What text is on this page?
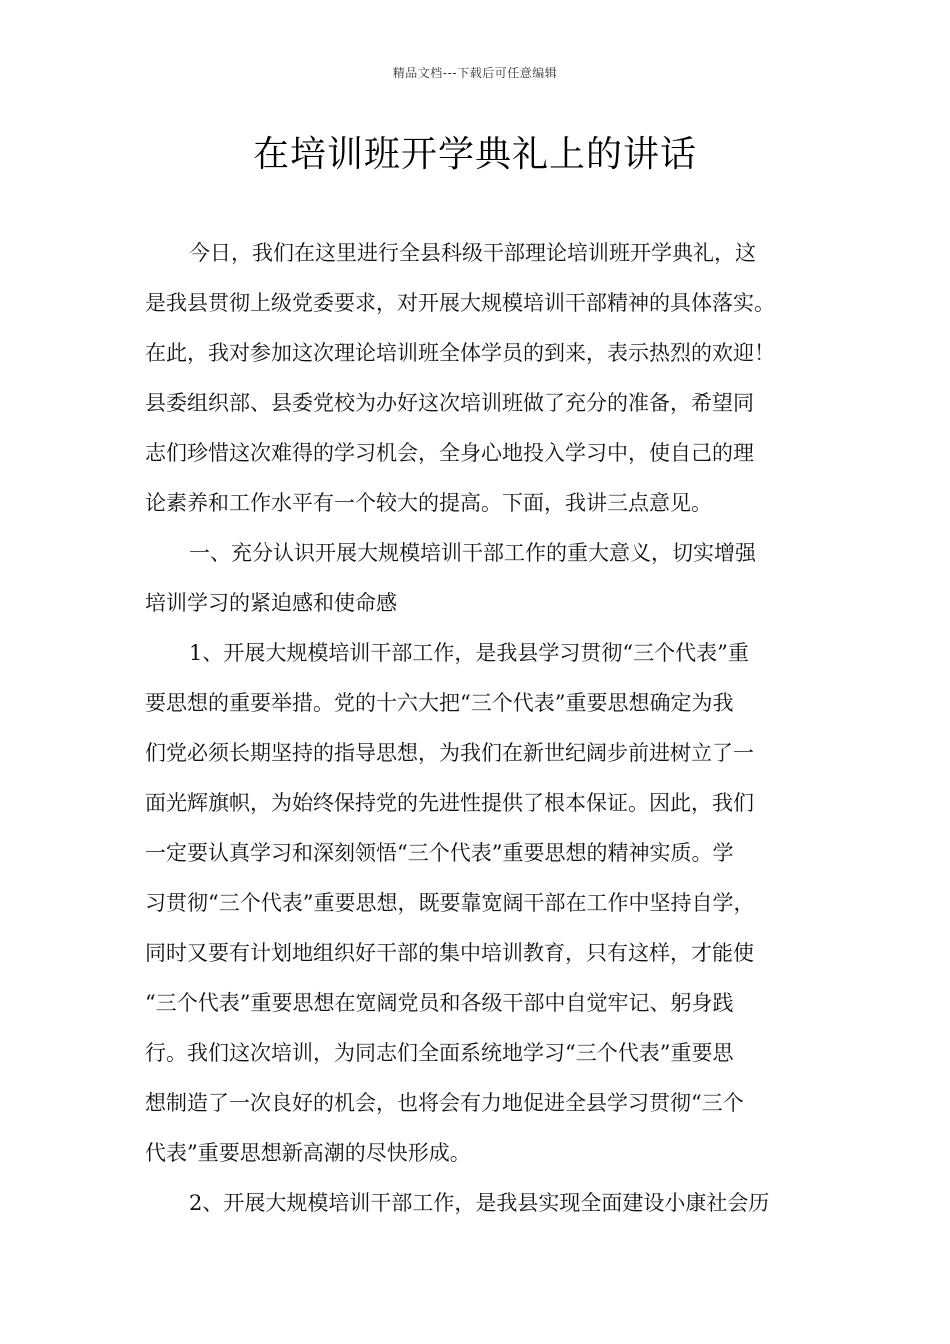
精品文档---下载后可任意编辑
在培训班开学典礼上的讲话
今日，我们在这里进行全县科级干部理论培训班开学典礼，这
是我县贯彻上级党委要求，对开展大规模培训干部精神的具体落实。
在此，我对参加这次理论培训班全体学员的到来，表示热烈的欢迎！
县委组织部、县委党校为办好这次培训班做了充分的准备，希望同
志们珍惜这次难得的学习机会，全身心地投入学习中，使自己的理
论素养和工作水平有一个较大的提高。下面，我讲三点意见。
一、充分认识开展大规模培训干部工作的重大意义，切实增强
培训学习的紧迫感和使命感
1、开展大规模培训干部工作，是我县学习贯彻“三个代表”重
要思想的重要举措。党的十六大把“三个代表”重要思想确定为我
们党必须长期坚持的指导思想，为我们在新世纪阔步前进树立了一
面光辉旗帜，为始终保持党的先进性提供了根本保证。因此，我们
一定要认真学习和深刻领悟“三个代表”重要思想的精神实质。学
习贯彻“三个代表”重要思想，既要靠宽阔干部在工作中坚持自学，
同时又要有计划地组织好干部的集中培训教育，只有这样，才能使
“三个代表”重要思想在宽阔党员和各级干部中自觉牢记、躬身践
行。我们这次培训，为同志们全面系统地学习“三个代表”重要思
想制造了一次良好的机会，也将会有力地促进全县学习贯彻“三个
代表”重要思想新高潮的尽快形成。
2、开展大规模培训干部工作，是我县实现全面建设小康社会历
